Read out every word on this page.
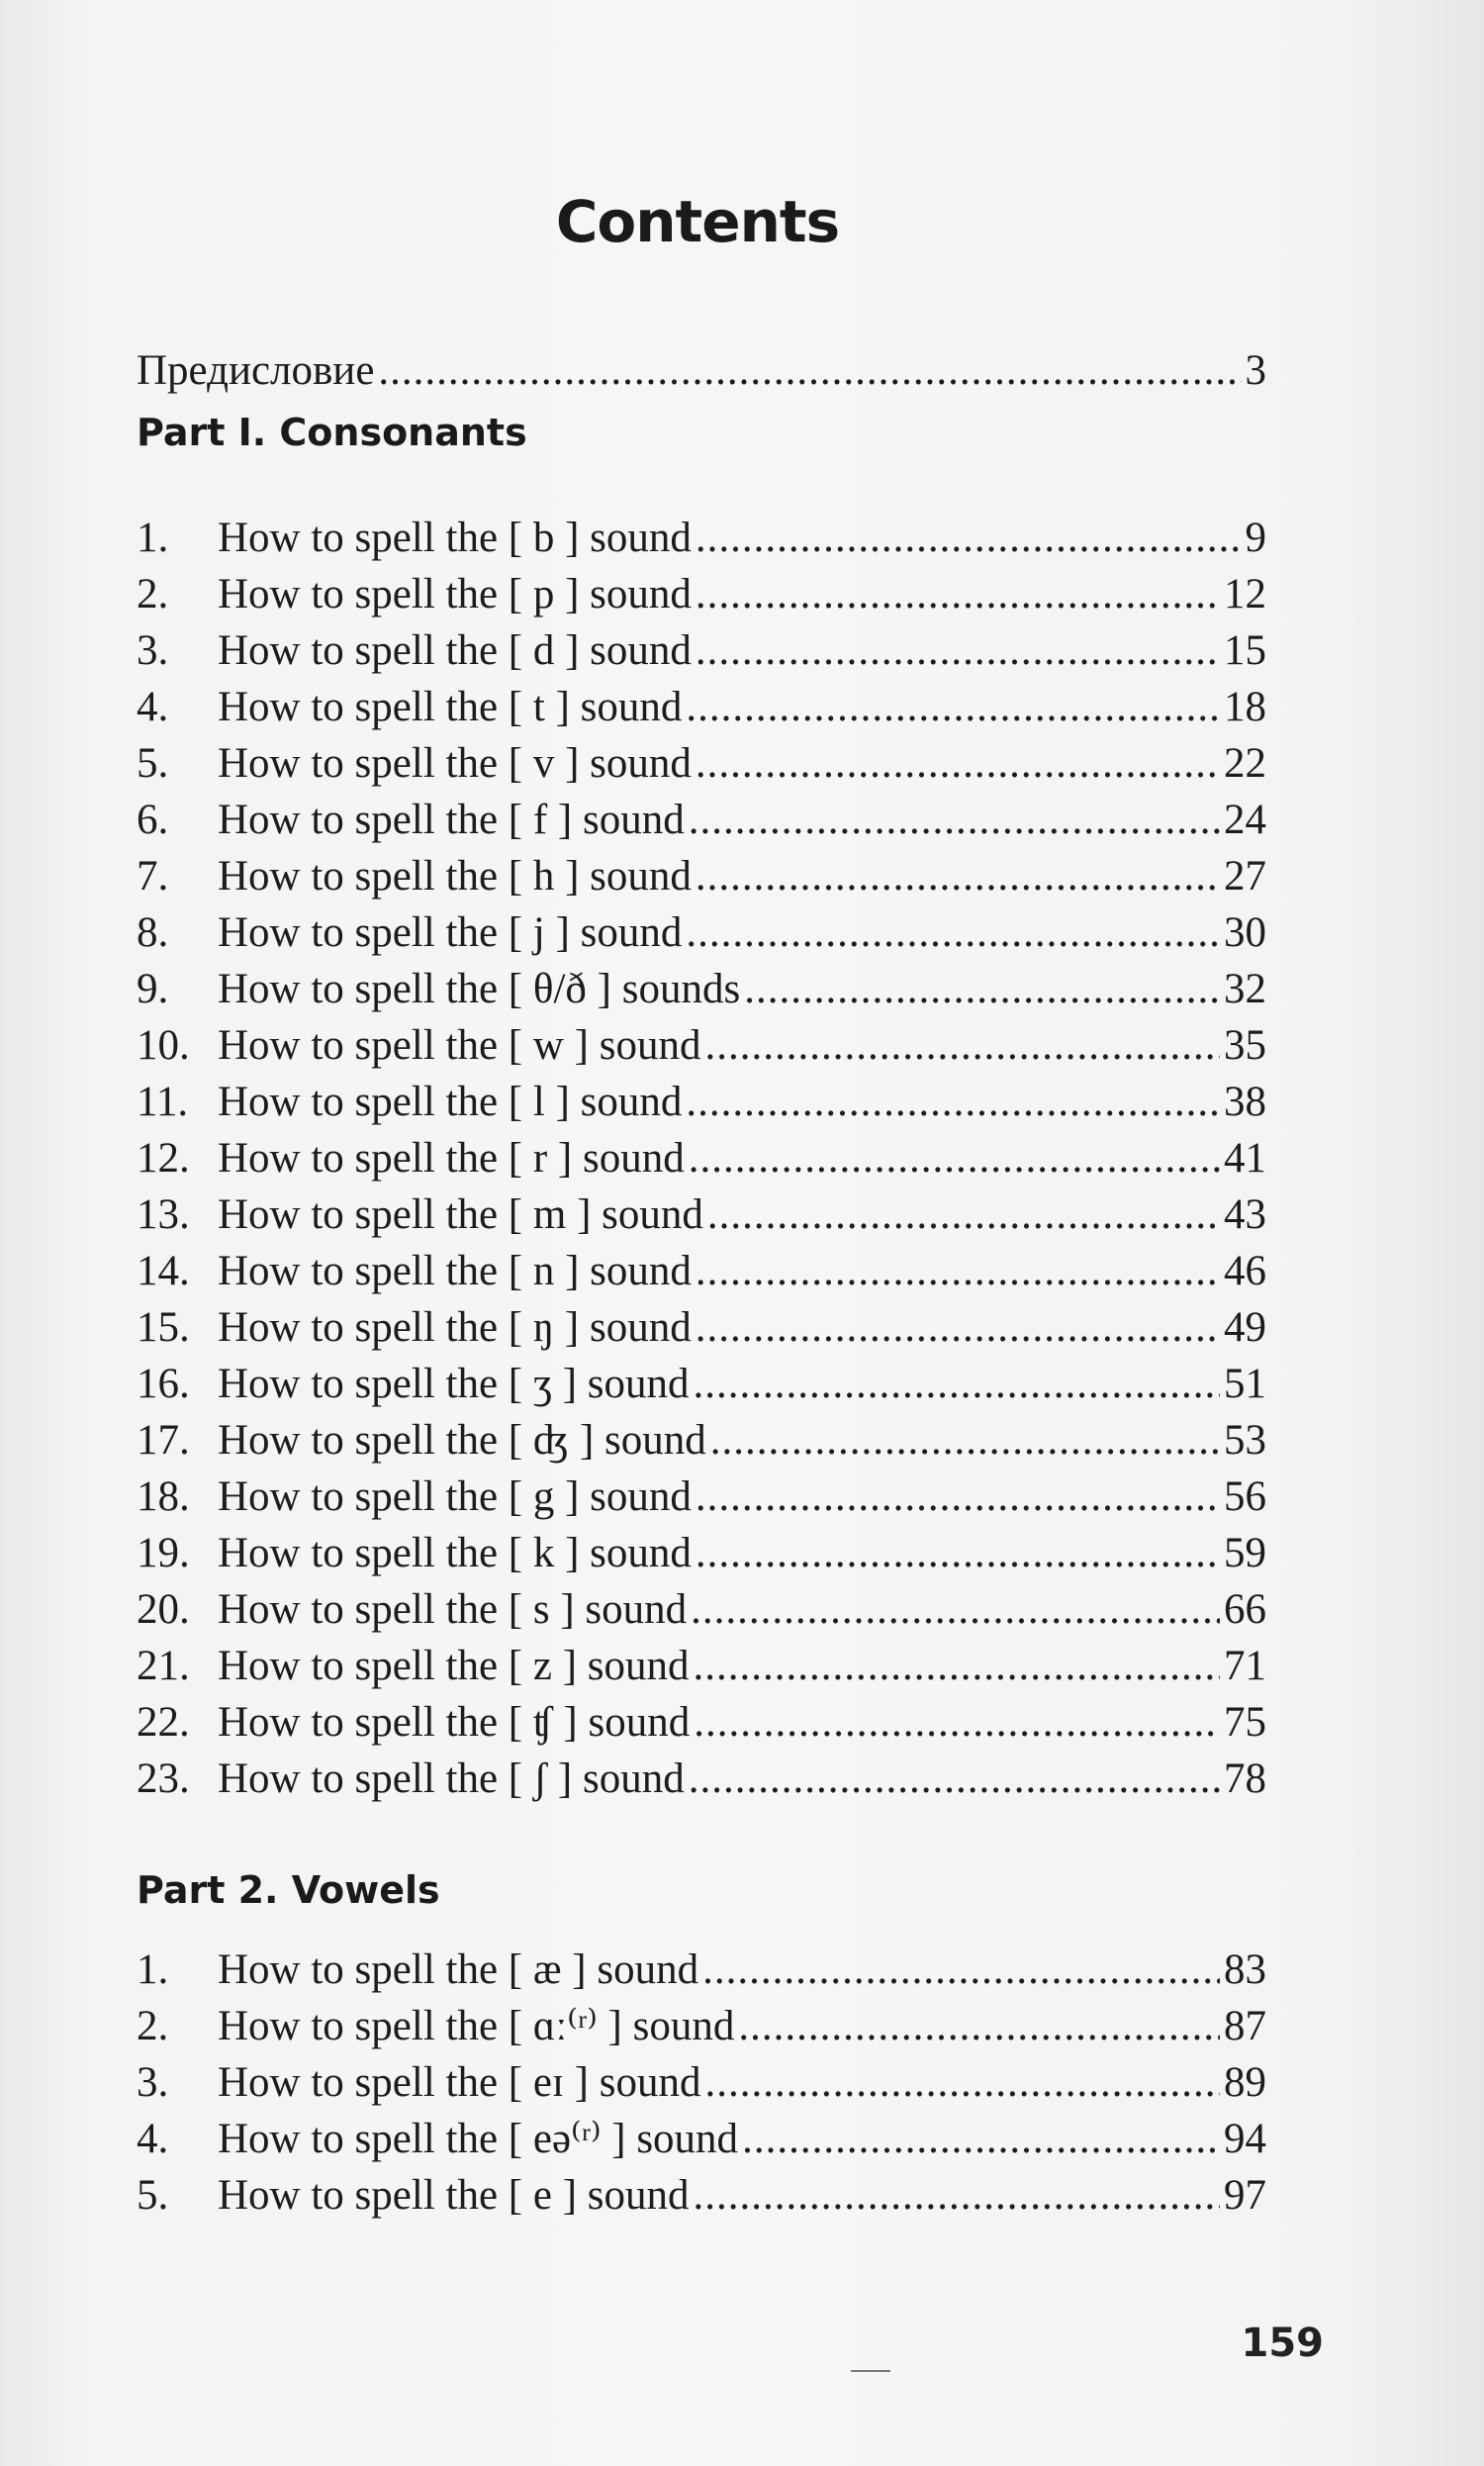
Contents
Предисловие .....	3
Part I. Consonants
1.	How to spell the [ b ] sound .....	9
2.	How to spell the [ p ] sound .....	12
3.	How to spell the [ d ] sound .....	15
4.	How to spell the [ t ] sound .....	18
5.	How to spell the [ v ] sound .....	22
6.	How to spell the [ f ] sound .....	24
7.	How to spell the [ h ] sound .....	27
8.	How to spell the [ j ] sound .....	30
9.	How to spell the [ θ/ð ] sounds .....	32
10. How to spell the [ w ] sound .....	35
11. How to spell the [ l ] sound .....	38
12. How to spell the [ r ] sound .....	41
13. How to spell the [ m ] sound .....	43
14. How to spell the [ n ] sound .....	46
15. How to spell the [ ŋ ] sound .....	49
16. How to spell the [ ʒ ] sound .....	51
17. How to spell the [ ʤ ] sound .....	53
18. How to spell the [ g ] sound .....	56
19. How to spell the [ k ] sound .....	59
20. How to spell the [ s ] sound .....	66
21. How to spell the [ z ] sound .....	71
22. How to spell the [ ʧ ] sound .....	75
23. How to spell the [ ʃ ] sound .....	78
Part 2. Vowels
1.	How to spell the [ æ ] sound .....	83
2.	How to spell the [ ɑː⁽ʳ⁾ ] sound .....	87
3.	How to spell the [ eɪ ] sound .....	89
4.	How to spell the [ eə⁽ʳ⁾ ] sound .....	94
5.	How to spell the [ e ] sound .....	97
159
